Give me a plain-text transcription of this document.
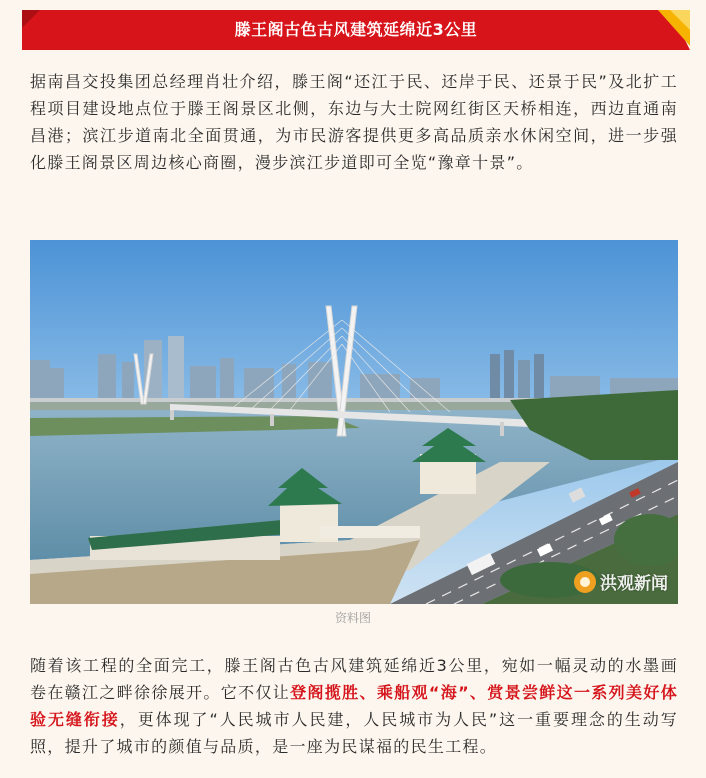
滕王阁古色古风建筑延绵近3公里

据南昌交投集团总经理肖壮介绍，滕王阁“还江于民、还岸于民、还景于民”及北扩工程项目建设地点位于滕王阁景区北侧，东边与大士院网红街区天桥相连，西边直通南昌港；滨江步道南北全面贯通，为市民游客提供更多高品质亲水休闲空间，进一步强化滕王阁景区周边核心商圈，漫步滨江步道即可全览“豫章十景”。

洪观新闻
资料图

随着该工程的全面完工，滕王阁古色古风建筑延绵近3公里，宛如一幅灵动的水墨画卷在赣江之畔徐徐展开。它不仅让登阁揽胜、乘船观“海”、赏景尝鲜这一系列美好体验无缝衔接，更体现了“人民城市人民建，人民城市为人民”这一重要理念的生动写照，提升了城市的颜值与品质，是一座为民谋福的民生工程。
